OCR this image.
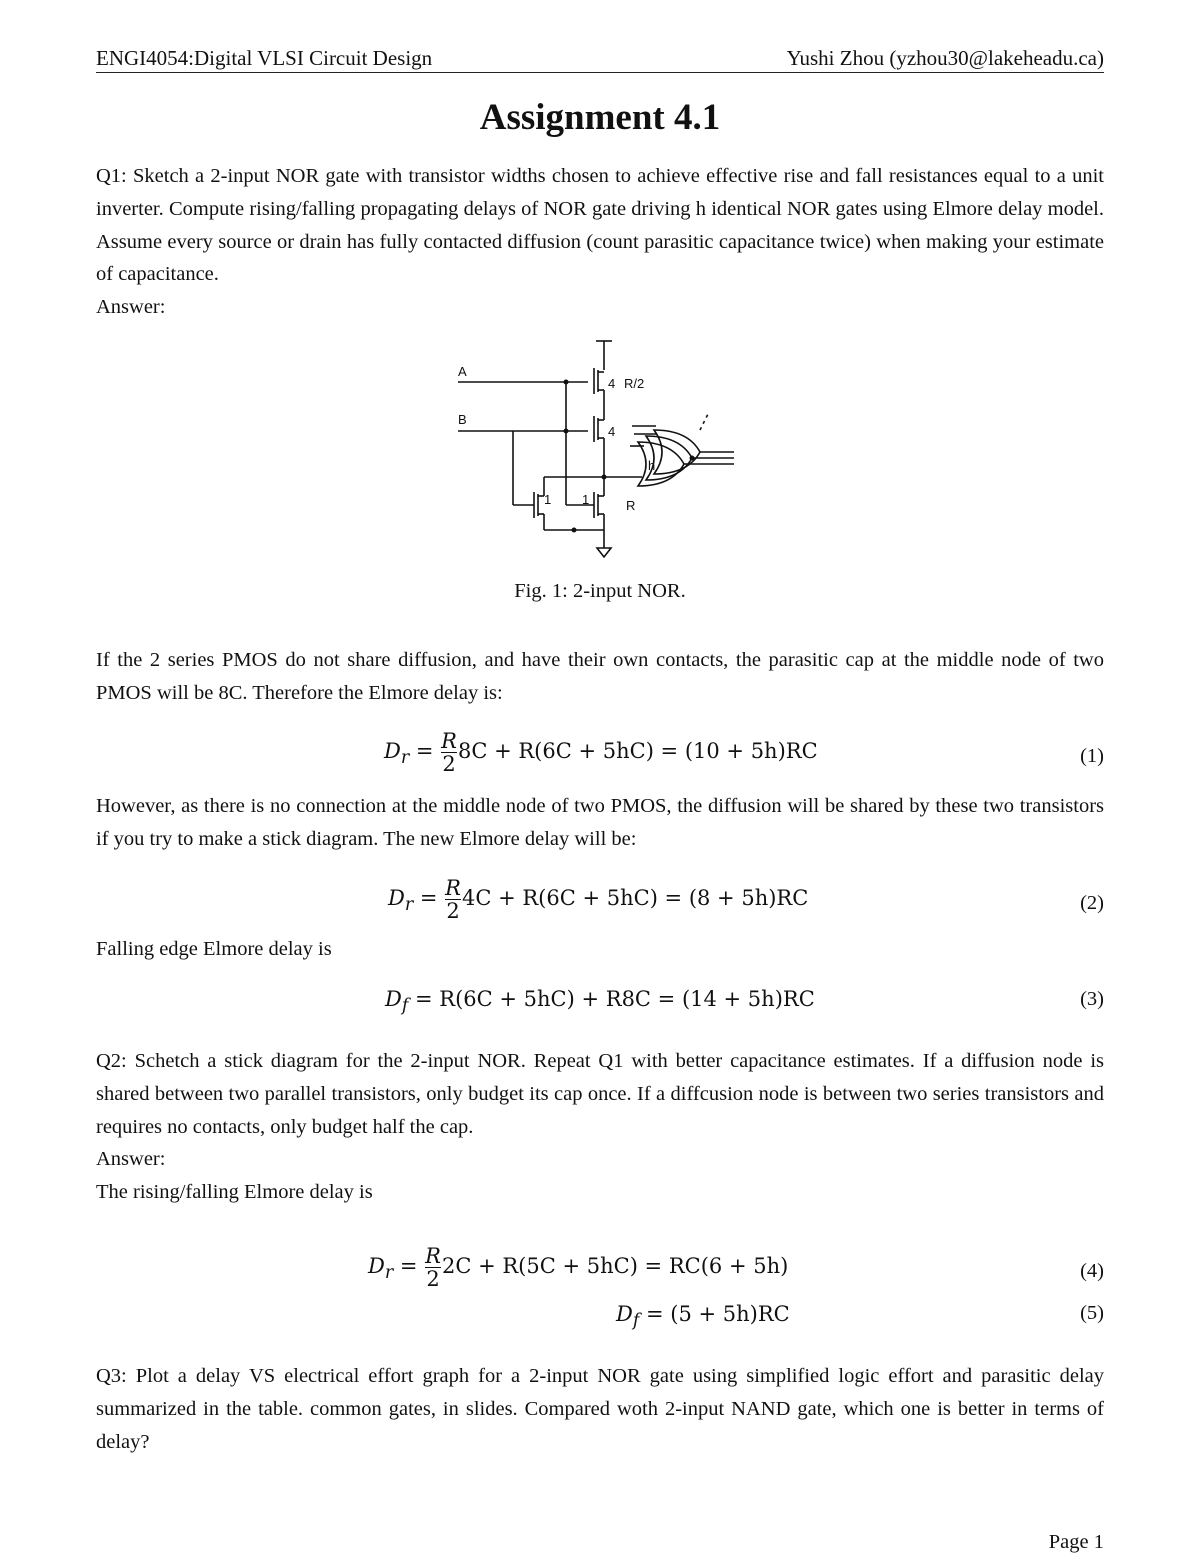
ENGI4054:Digital VLSI Circuit Design	Yushi Zhou (yzhou30@lakeheadu.ca)
Assignment 4.1
Q1: Sketch a 2-input NOR gate with transistor widths chosen to achieve effective rise and fall resistances equal to a unit inverter. Compute rising/falling propagating delays of NOR gate driving h identical NOR gates using Elmore delay model. Assume every source or drain has fully contacted diffusion (count parasitic capacitance twice) when making your estimate of capacitance.
Answer:
A
B
4 R/2
4
1 1	R
h
Fig. 1: 2-input NOR.
If the 2 series PMOS do not share diffusion, and have their own contacts, the parasitic cap at the middle node of two PMOS will be 8C. Therefore the Elmore delay is:
$D_r = \frac{R}{2} 8C + R(6C + 5hC) = (10 + 5h)RC$	(1)
However, as there is no connection at the middle node of two PMOS, the diffusion will be shared by these two transistors if you try to make a stick diagram. The new Elmore delay will be:
$D_r = \frac{R}{2} 4C + R(6C + 5hC) = (8 + 5h)RC$	(2)
Falling edge Elmore delay is
$D_f = R(6C + 5hC) + R8C = (14 + 5h)RC$	(3)
Q2: Schetch a stick diagram for the 2-input NOR. Repeat Q1 with better capacitance estimates. If a diffusion node is shared between two parallel transistors, only budget its cap once. If a diffcusion node is between two series transistors and requires no contacts, only budget half the cap.
Answer:
The rising/falling Elmore delay is
$D_r = \frac{R}{2} 2C + R(5C + 5hC) = RC(6 + 5h)$	(4)
$D_f = (5 + 5h)RC$	(5)
Q3: Plot a delay VS electrical effort graph for a 2-input NOR gate using simplified logic effort and parasitic delay summarized in the table. common gates, in slides. Compared woth 2-input NAND gate, which one is better in terms of delay?
Page 1
